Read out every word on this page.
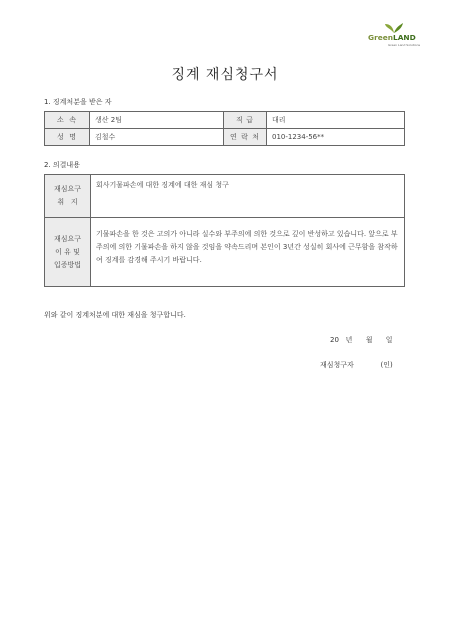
GreenLAND
Green Land Solutions
징계 재심청구서
1. 징계처분을 받은 자
소 속	생산 2팀	직 급	대리

성 명	김철수	연 락 처	010-1234-56**
2. 의결내용
재심요구
취   지	회사기물파손에 대한 징계에 대한 재심 청구

재심요구
이 유 및
입증방법	기물파손을 한 것은 고의가 아니라 실수와 부주의에 의한 것으로 깊이 반성하고 있습니다. 앞으로 부주의에 의한 기물파손을 하지 않을 것임을 약속드리며 본인이 3년간 성실히 회사에 근무함을 참작하여 징계를 감경해 주시기 바랍니다.
위와 같이 징계처분에 대한 재심을 청구합니다.
20   년      월      일
재심청구자            (인)
